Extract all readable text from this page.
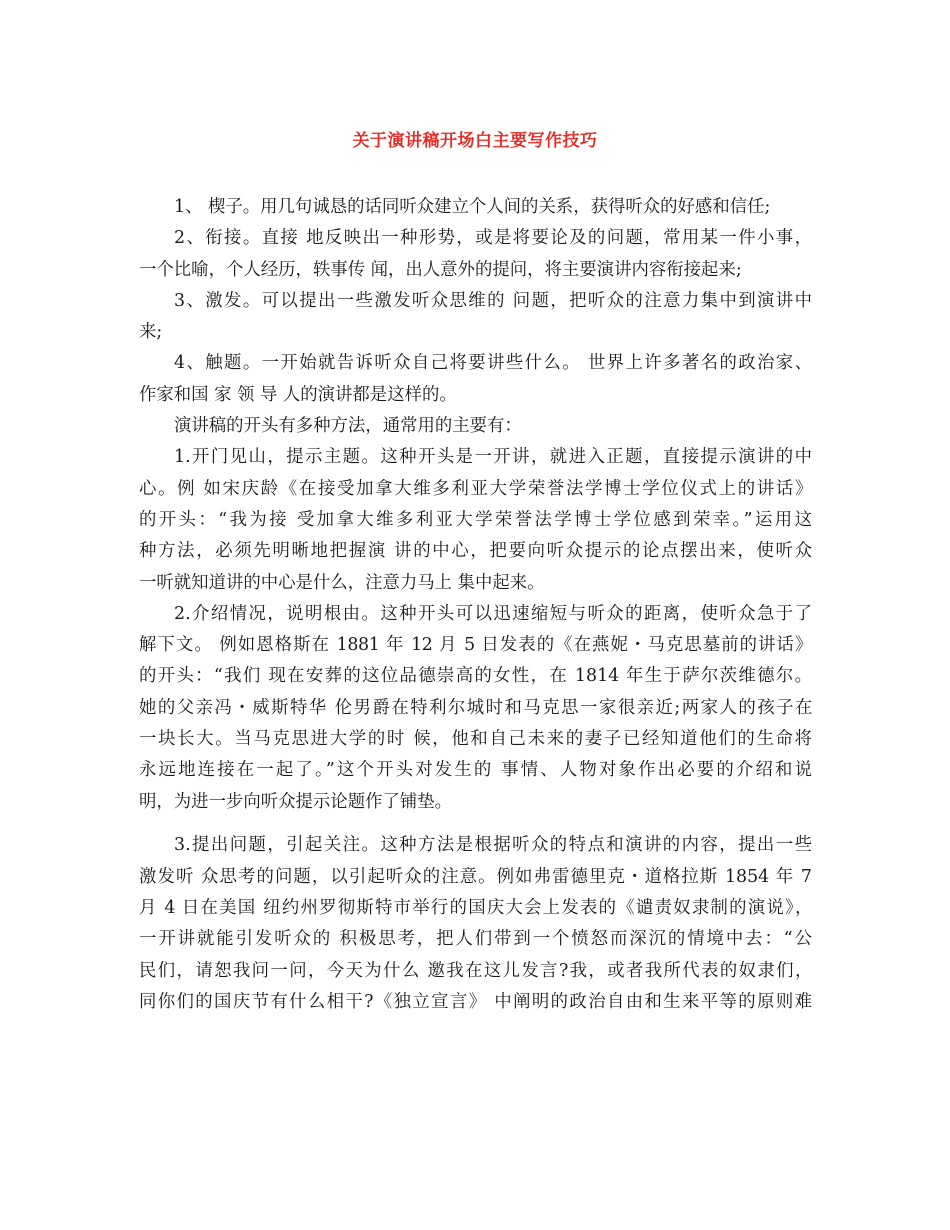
关于演讲稿开场白主要写作技巧
1、 楔子。用几句诚恳的话同听众建立个人间的关系，获得听众的好感和信任;
2、衔接。直接 地反映出一种形势，或是将要论及的问题，常用某一件小事，
一个比喻，个人经历，轶事传 闻，出人意外的提问，将主要演讲内容衔接起来;
3、激发。可以提出一些激发听众思维的 问题，把听众的注意力集中到演讲中
来;
4、触题。一开始就告诉听众自己将要讲些什么。 世界上许多著名的政治家、
作家和国 家 领 导 人的演讲都是这样的。
演讲稿的开头有多种方法，通常用的主要有：
1.开门见山，提示主题。这种开头是一开讲，就进入正题，直接提示演讲的中
心。例 如宋庆龄《在接受加拿大维多利亚大学荣誉法学博士学位仪式上的讲话》
的开头：“我为接 受加拿大维多利亚大学荣誉法学博士学位感到荣幸。”运用这
种方法，必须先明晰地把握演 讲的中心，把要向听众提示的论点摆出来，使听众
一听就知道讲的中心是什么，注意力马上 集中起来。
2.介绍情况，说明根由。这种开头可以迅速缩短与听众的距离，使听众急于了
解下文。 例如恩格斯在 1881 年 12 月 5 日发表的《在燕妮・马克思墓前的讲话》
的开头：“我们 现在安葬的这位品德崇高的女性，在 1814 年生于萨尔茨维德尔。
她的父亲冯・威斯特华 伦男爵在特利尔城时和马克思一家很亲近;两家人的孩子在
一块长大。当马克思进大学的时 候，他和自己未来的妻子已经知道他们的生命将
永远地连接在一起了。”这个开头对发生的 事情、人物对象作出必要的介绍和说
明，为进一步向听众提示论题作了铺垫。
3.提出问题，引起关注。这种方法是根据听众的特点和演讲的内容，提出一些
激发听 众思考的问题，以引起听众的注意。例如弗雷德里克・道格拉斯 1854 年 7
月 4 日在美国 纽约州罗彻斯特市举行的国庆大会上发表的《谴责奴隶制的演说》，
一开讲就能引发听众的 积极思考，把人们带到一个愤怒而深沉的情境中去：“公
民们，请恕我问一问，今天为什么 邀我在这儿发言?我，或者我所代表的奴隶们，
同你们的国庆节有什么相干?《独立宣言》 中阐明的政治自由和生来平等的原则难
